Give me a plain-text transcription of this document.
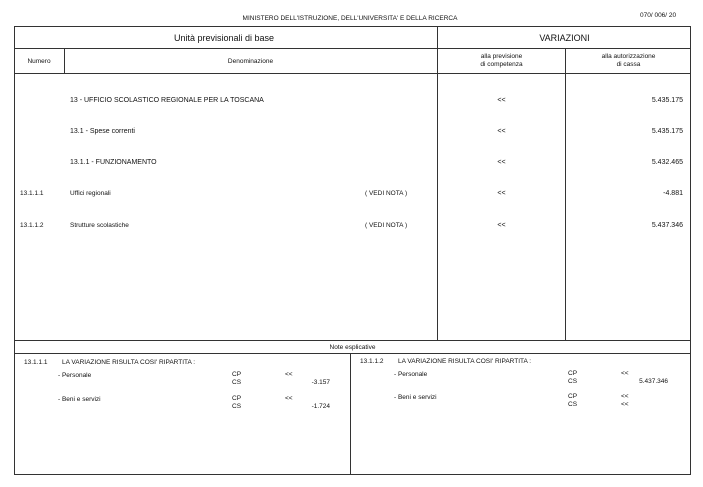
MINISTERO DELL'ISTRUZIONE, DELL'UNIVERSITA' E DELLA RICERCA	070/ 006/ 20
Unità previsionali di base	VARIAZIONI
Numero	Denominazione
alla previsione
di competenza
alla autorizzazione
di cassa
13 - UFFICIO SCOLASTICO REGIONALE PER LA TOSCANA	<<	5.435.175
13.1 - Spese correnti	<<	5.435.175
13.1.1 - FUNZIONAMENTO	<<	5.432.465
13.1.1.1	Uffici regionali	( VEDI NOTA )	<<	-4.881
13.1.1.2	Strutture scolastiche	( VEDI NOTA )	<<	5.437.346
Note esplicative
13.1.1.1 LA VARIAZIONE RISULTA COSI' RIPARTITA :
- Personale	CP	<<
CS	-3.157
- Beni e servizi	CP	<<
CS	-1.724
13.1.1.2 LA VARIAZIONE RISULTA COSI' RIPARTITA :
- Personale	CP	<<
CS	5.437.346
- Beni e servizi	CP	<<
CS	<<
